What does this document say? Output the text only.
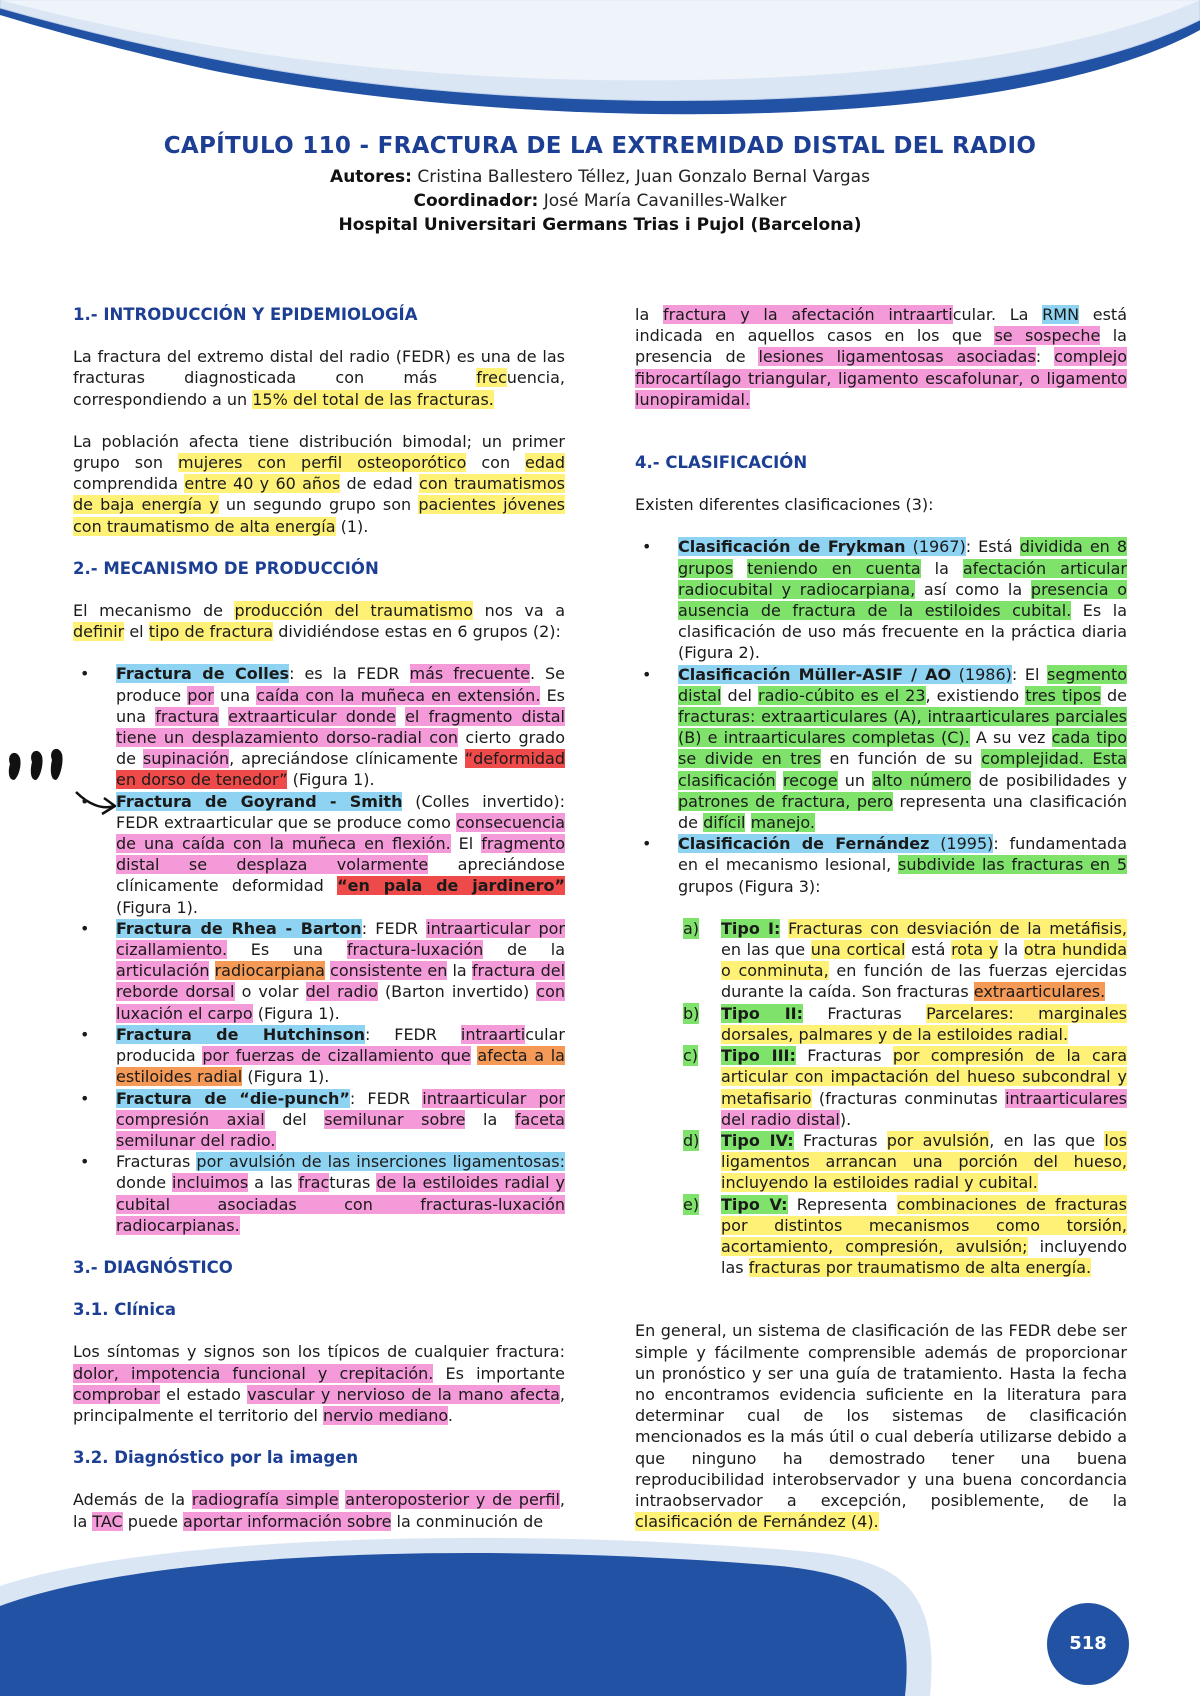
CAPÍTULO 110 - FRACTURA DE LA EXTREMIDAD DISTAL DEL RADIO
Autores: Cristina Ballestero Téllez, Juan Gonzalo Bernal Vargas
Coordinador: José María Cavanilles-Walker
Hospital Universitari Germans Trias i Pujol (Barcelona)
1.- INTRODUCCIÓN Y EPIDEMIOLOGÍA

La fractura del extremo distal del radio (FEDR) es una de las fracturas diagnosticada con más frecuencia, correspondiendo a un 15% del total de las fracturas.

La población afecta tiene distribución bimodal; un primer grupo son mujeres con perfil osteoporótico con edad comprendida entre 40 y 60 años de edad con traumatismos de baja energía y un segundo grupo son pacientes jóvenes con traumatismo de alta energía (1).

2.- MECANISMO DE PRODUCCIÓN

El mecanismo de producción del traumatismo nos va a definir el tipo de fractura dividiéndose estas en 6 grupos (2):

• Fractura de Colles: es la FEDR más frecuente. Se produce por una caída con la muñeca en extensión. Es una fractura extraarticular donde el fragmento distal tiene un desplazamiento dorso-radial con cierto grado de supinación, apreciándose clínicamente “deformidad en dorso de tenedor” (Figura 1).
• Fractura de Goyrand - Smith (Colles invertido): FEDR extraarticular que se produce como consecuencia de una caída con la muñeca en flexión. El fragmento distal se desplaza volarmente apreciándose clínicamente deformidad “en pala de jardinero” (Figura 1).
• Fractura de Rhea - Barton: FEDR intraarticular por cizallamiento. Es una fractura-luxación de la articulación radiocarpiana consistente en la fractura del reborde dorsal o volar del radio (Barton invertido) con luxación el carpo (Figura 1).
• Fractura de Hutchinson: FEDR intraarticular producida por fuerzas de cizallamiento que afecta a la estiloides radial (Figura 1).
• Fractura de “die-punch”: FEDR intraarticular por compresión axial del semilunar sobre la faceta semilunar del radio.
• Fracturas por avulsión de las inserciones ligamentosas: donde incluimos a las fracturas de la estiloides radial y cubital asociadas con fracturas-luxación radiocarpianas.
3.- DIAGNÓSTICO
3.1. Clínica

Los síntomas y signos son los típicos de cualquier fractura: dolor, impotencia funcional y crepitación. Es importante comprobar el estado vascular y nervioso de la mano afecta, principalmente el territorio del nervio mediano.

3.2. Diagnóstico por la imagen

Además de la radiografía simple anteroposterior y de perfil, la TAC puede aportar información sobre la conminución de

la fractura y la afectación intraarticular. La RMN está indicada en aquellos casos en los que se sospeche la presencia de lesiones ligamentosas asociadas: complejo fibrocartílago triangular, ligamento escafolunar, o ligamento lunopiramidal.

4.- CLASIFICACIÓN

Existen diferentes clasificaciones (3):

• Clasificación de Frykman (1967): Está dividida en 8 grupos teniendo en cuenta la afectación articular radiocubital y radiocarpiana, así como la presencia o ausencia de fractura de la estiloides cubital. Es la clasificación de uso más frecuente en la práctica diaria (Figura 2).
• Clasificación Müller-ASIF / AO (1986): El segmento distal del radio-cúbito es el 23, existiendo tres tipos de fracturas: extraarticulares (A), intraarticulares parciales (B) e intraarticulares completas (C). A su vez cada tipo se divide en tres en función de su complejidad. Esta clasificación recoge un alto número de posibilidades y patrones de fractura, pero representa una clasificación de difícil manejo.
• Clasificación de Fernández (1995): fundamentada en el mecanismo lesional, subdivide las fracturas en 5 grupos (Figura 3):
a) Tipo I: Fracturas con desviación de la metáfisis, en las que una cortical está rota y la otra hundida o conminuta, en función de las fuerzas ejercidas durante la caída. Son fracturas extraarticulares.
b) Tipo II: Fracturas Parcelares: marginales dorsales, palmares y de la estiloides radial.
c) Tipo III: Fracturas por compresión de la cara articular con impactación del hueso subcondral y metafisario (fracturas conminutas intraarticulares del radio distal).
d) Tipo IV: Fracturas por avulsión, en las que los ligamentos arrancan una porción del hueso, incluyendo la estiloides radial y cubital.
e) Tipo V: Representa combinaciones de fracturas por distintos mecanismos como torsión, acortamiento, compresión, avulsión; incluyendo las fracturas por traumatismo de alta energía.

En general, un sistema de clasificación de las FEDR debe ser simple y fácilmente comprensible además de proporcionar un pronóstico y ser una guía de tratamiento. Hasta la fecha no encontramos evidencia suficiente en la literatura para determinar cual de los sistemas de clasificación mencionados es la más útil o cual debería utilizarse debido a que ninguno ha demostrado tener una buena reproducibilidad interobservador y una buena concordancia intraobservador a excepción, posiblemente, de la clasificación de Fernández (4).

518
